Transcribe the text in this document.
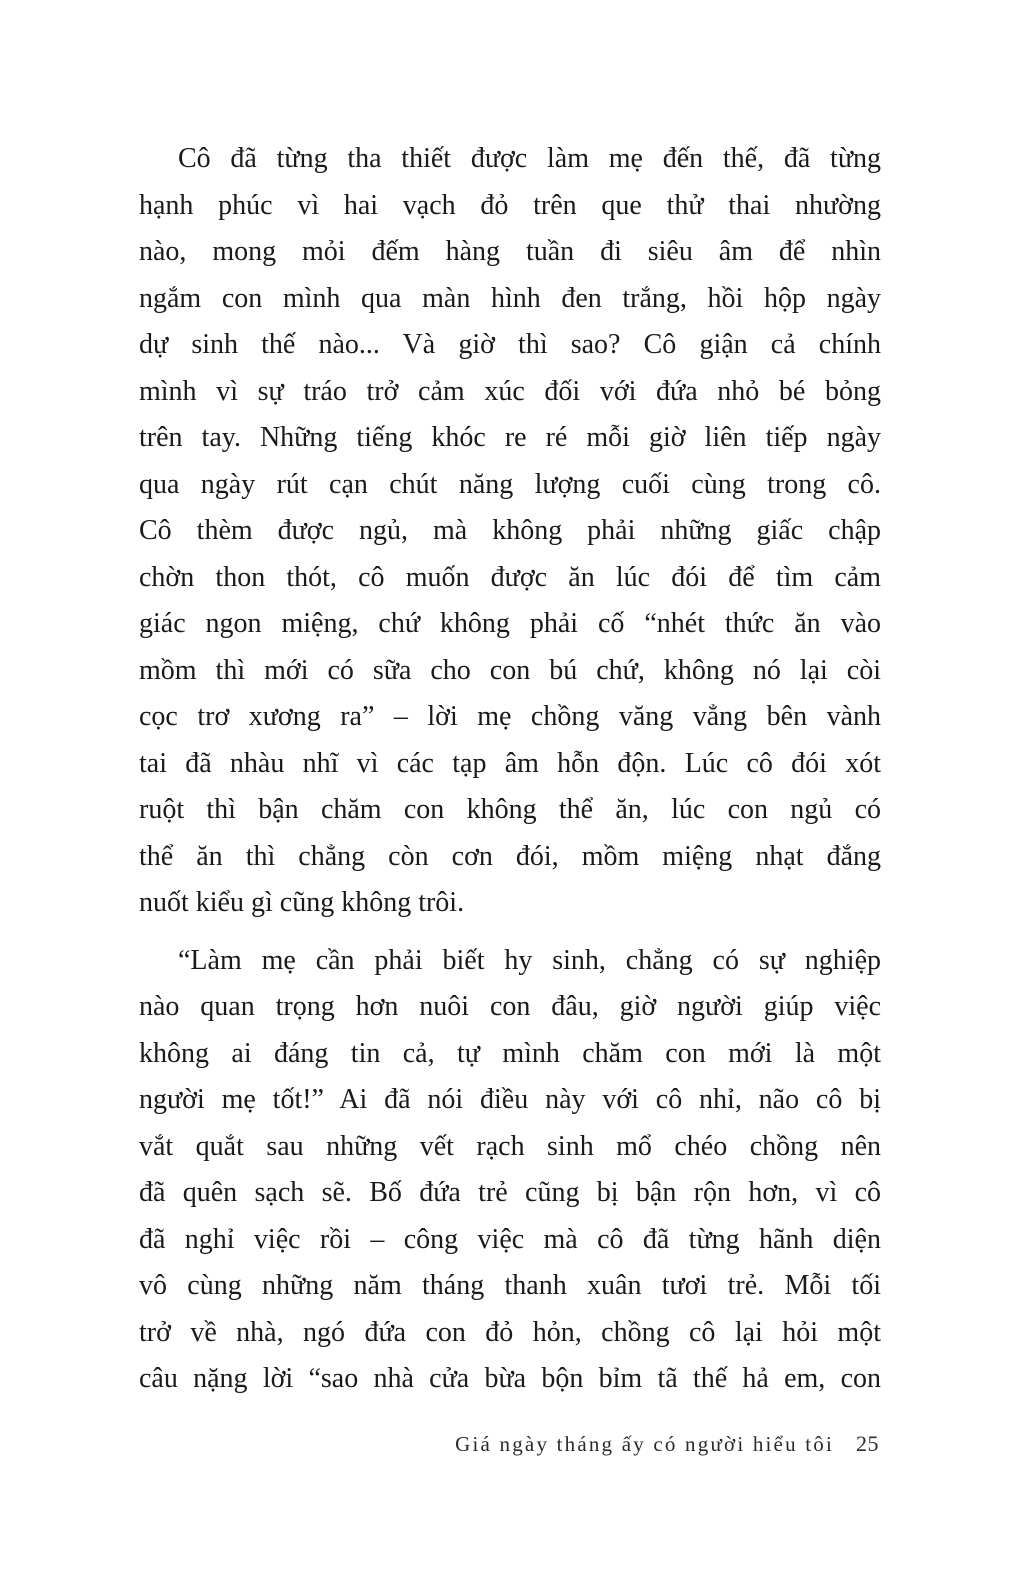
Cô đã từng tha thiết được làm mẹ đến thế, đã từng
hạnh phúc vì hai vạch đỏ trên que thử thai nhường
nào, mong mỏi đếm hàng tuần đi siêu âm để nhìn
ngắm con mình qua màn hình đen trắng, hồi hộp ngày
dự sinh thế nào... Và giờ thì sao? Cô giận cả chính
mình vì sự tráo trở cảm xúc đối với đứa nhỏ bé bỏng
trên tay. Những tiếng khóc re ré mỗi giờ liên tiếp ngày
qua ngày rút cạn chút năng lượng cuối cùng trong cô.
Cô thèm được ngủ, mà không phải những giấc chập
chờn thon thót, cô muốn được ăn lúc đói để tìm cảm
giác ngon miệng, chứ không phải cố “nhét thức ăn vào
mồm thì mới có sữa cho con bú chứ, không nó lại còi
cọc trơ xương ra” – lời mẹ chồng văng vẳng bên vành
tai đã nhàu nhĩ vì các tạp âm hỗn độn. Lúc cô đói xót
ruột thì bận chăm con không thể ăn, lúc con ngủ có
thể ăn thì chẳng còn cơn đói, mồm miệng nhạt đắng
nuốt kiểu gì cũng không trôi.

“Làm mẹ cần phải biết hy sinh, chẳng có sự nghiệp
nào quan trọng hơn nuôi con đâu, giờ người giúp việc
không ai đáng tin cả, tự mình chăm con mới là một
người mẹ tốt!” Ai đã nói điều này với cô nhỉ, não cô bị
vắt quắt sau những vết rạch sinh mổ chéo chồng nên
đã quên sạch sẽ. Bố đứa trẻ cũng bị bận rộn hơn, vì cô
đã nghỉ việc rồi – công việc mà cô đã từng hãnh diện
vô cùng những năm tháng thanh xuân tươi trẻ. Mỗi tối
trở về nhà, ngó đứa con đỏ hỏn, chồng cô lại hỏi một
câu nặng lời “sao nhà cửa bừa bộn bỉm tã thế hả em, con

Giá ngày tháng ấy có người hiểu tôi 25
